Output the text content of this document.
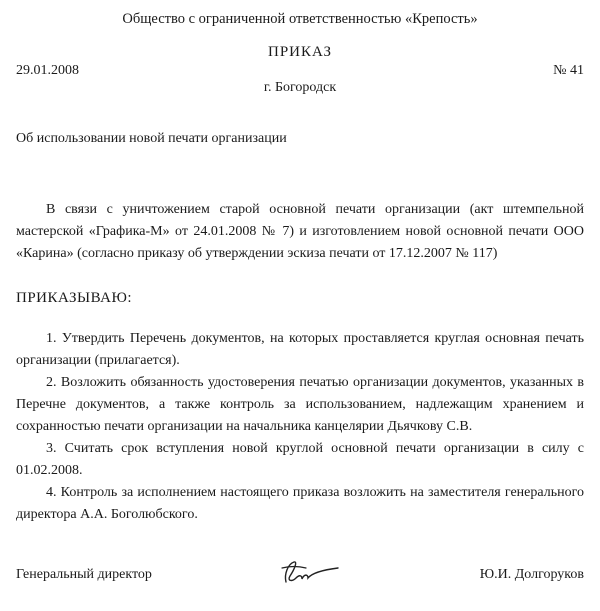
Общество с ограниченной ответственностью «Крепость»
ПРИКАЗ
29.01.2008	№ 41
г. Богородск
Об использовании новой печати организации
В связи с уничтожением старой основной печати организации (акт штемпельной мастерской «Графика-М» от 24.01.2008 № 7) и изготовлением новой основной печати ООО «Карина» (согласно приказу об утверждении эскиза печати от 17.12.2007 № 117)
ПРИКАЗЫВАЮ:

1. Утвердить Перечень документов, на которых проставляется круглая основная печать организации (прилагается).

2. Возложить обязанность удостоверения печатью организации документов, указанных в Перечне документов, а также контроль за использованием, надлежащим хранением и сохранностью печати организации на начальника канцелярии Дьячкову С.В.

3. Считать срок вступления новой круглой основной печати организации в силу с 01.02.2008.

4. Контроль за исполнением настоящего приказа возложить на заместителя генерального директора А.А. Боголюбского.

Генеральный директор	Ю.И. Долгоруков
